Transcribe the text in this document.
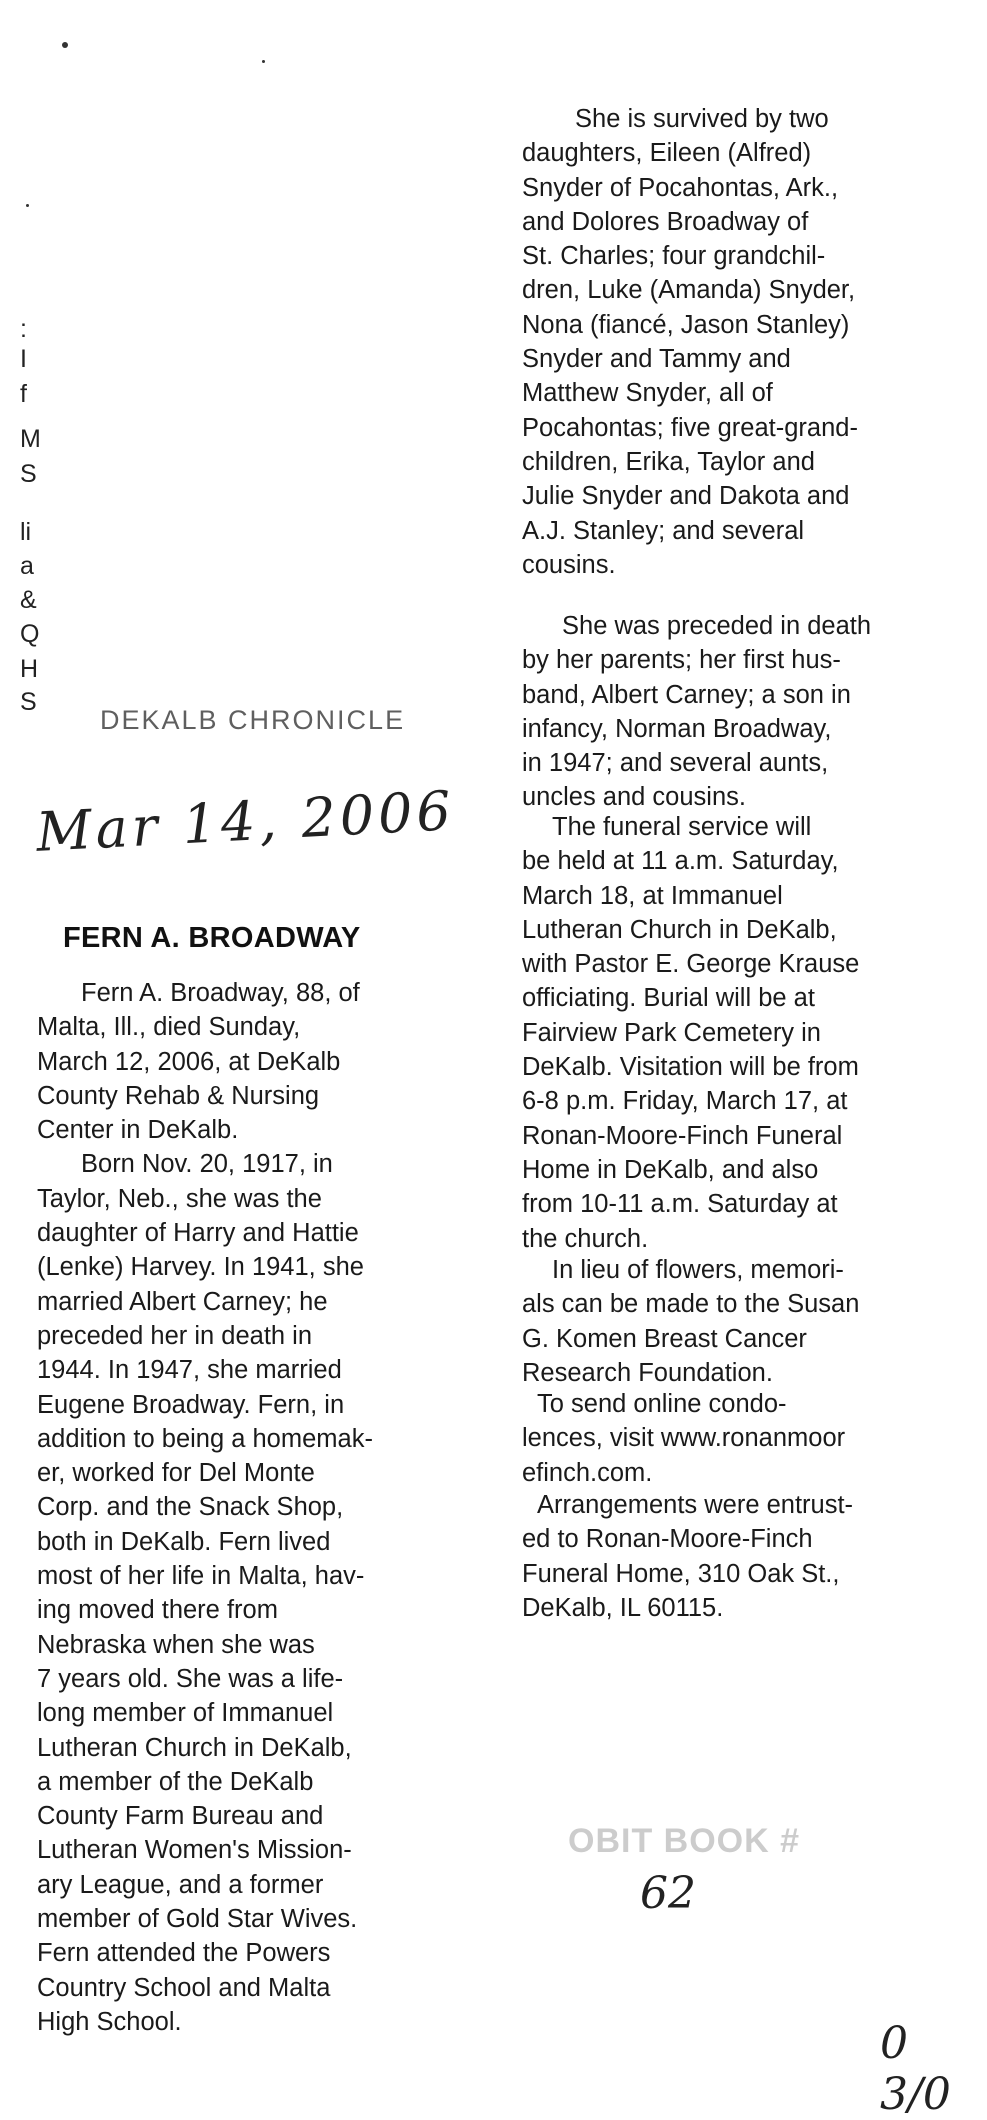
:
I
f
M
S
li
a
&
Q
H
S
DEKALB CHRONICLE
Mar 14, 2006
FERN A. BROADWAY
Fern A. Broadway, 88, of
Malta, Ill., died Sunday,
March 12, 2006, at DeKalb
County Rehab & Nursing
Center in DeKalb.
Born Nov. 20, 1917, in
Taylor, Neb., she was the
daughter of Harry and Hattie
(Lenke) Harvey. In 1941, she
married Albert Carney; he
preceded her in death in
1944. In 1947, she married
Eugene Broadway. Fern, in
addition to being a homemak-
er, worked for Del Monte
Corp. and the Snack Shop,
both in DeKalb. Fern lived
most of her life in Malta, hav-
ing moved there from
Nebraska when she was
7 years old. She was a life-
long member of Immanuel
Lutheran Church in DeKalb,
a member of the DeKalb
County Farm Bureau and
Lutheran Women's Mission-
ary League, and a former
member of Gold Star Wives.
Fern attended the Powers
Country School and Malta
High School.
She is survived by two
daughters, Eileen (Alfred)
Snyder of Pocahontas, Ark.,
and Dolores Broadway of
St. Charles; four grandchil-
dren, Luke (Amanda) Snyder,
Nona (fiancé, Jason Stanley)
Snyder and Tammy and
Matthew Snyder, all of
Pocahontas; five great-grand-
children, Erika, Taylor and
Julie Snyder and Dakota and
A.J. Stanley; and several
cousins.
She was preceded in death
by her parents; her first hus-
band, Albert Carney; a son in
infancy, Norman Broadway,
in 1947; and several aunts,
uncles and cousins.
The funeral service will
be held at 11 a.m. Saturday,
March 18, at Immanuel
Lutheran Church in DeKalb,
with Pastor E. George Krause
officiating. Burial will be at
Fairview Park Cemetery in
DeKalb. Visitation will be from
6-8 p.m. Friday, March 17, at
Ronan-Moore-Finch Funeral
Home in DeKalb, and also
from 10-11 a.m. Saturday at
the church.
In lieu of flowers, memori-
als can be made to the Susan
G. Komen Breast Cancer
Research Foundation.
To send online condo-
lences, visit www.ronanmoor
efinch.com.
Arrangements were entrust-
ed to Ronan-Moore-Finch
Funeral Home, 310 Oak St.,
DeKalb, IL 60115.
OBIT BOOK #
62
0 3/0
